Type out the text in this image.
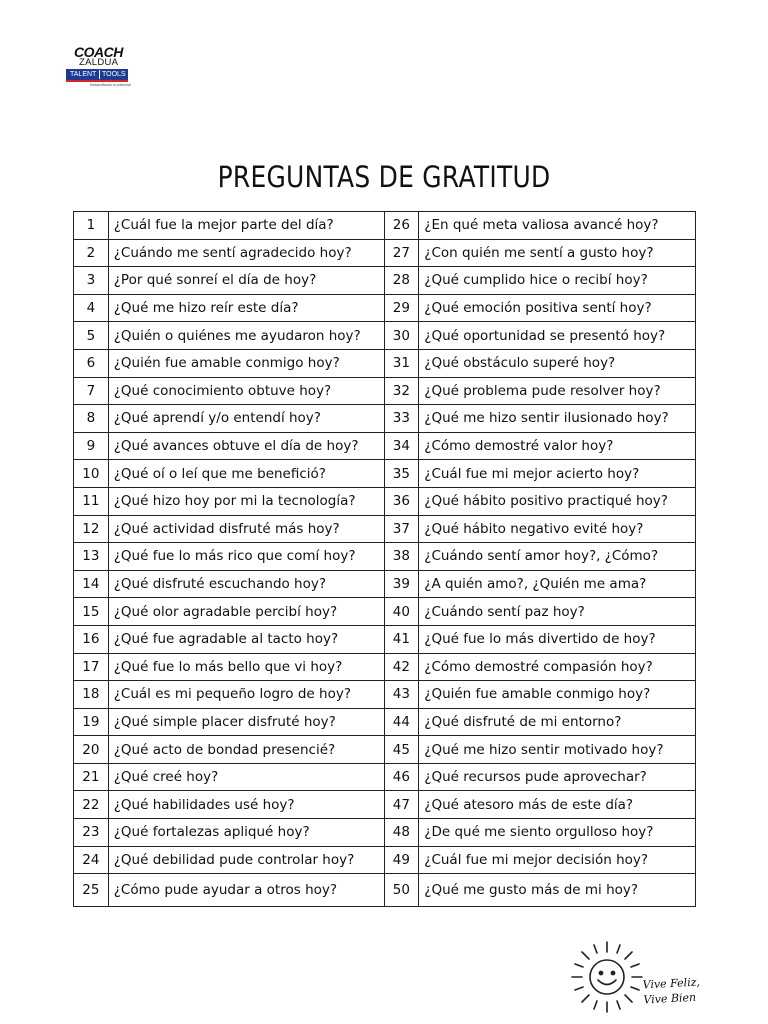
COACH
ZALDUA
TALENT TOOLS
Desarrollando tu potencial
PREGUNTAS DE GRATITUD
1	¿Cuál fue la mejor parte del día?	26	¿En qué meta valiosa avancé hoy?
2	¿Cuándo me sentí agradecido hoy?	27	¿Con quién me sentí a gusto hoy?
3	¿Por qué sonreí el día de hoy?	28	¿Qué cumplido hice o recibí hoy?
4	¿Qué me hizo reír este día?	29	¿Qué emoción positiva sentí hoy?
5	¿Quién o quiénes me ayudaron hoy?	30	¿Qué oportunidad se presentó hoy?
6	¿Quién fue amable conmigo hoy?	31	¿Qué obstáculo superé hoy?
7	¿Qué conocimiento obtuve hoy?	32	¿Qué problema pude resolver hoy?
8	¿Qué aprendí y/o entendí hoy?	33	¿Qué me hizo sentir ilusionado hoy?
9	¿Qué avances obtuve el día de hoy?	34	¿Cómo demostré valor hoy?
10	¿Qué oí o leí que me benefició?	35	¿Cuál fue mi mejor acierto hoy?
11	¿Qué hizo hoy por mi la tecnología?	36	¿Qué hábito positivo practiqué hoy?
12	¿Qué actividad disfruté más hoy?	37	¿Qué hábito negativo evité hoy?
13	¿Qué fue lo más rico que comí hoy?	38	¿Cuándo sentí amor hoy?, ¿Cómo?
14	¿Qué disfruté escuchando hoy?	39	¿A quién amo?, ¿Quién me ama?
15	¿Qué olor agradable percibí hoy?	40	¿Cuándo sentí paz hoy?
16	¿Qué fue agradable al tacto hoy?	41	¿Qué fue lo más divertido de hoy?
17	¿Qué fue lo más bello que vi hoy?	42	¿Cómo demostré compasión hoy?
18	¿Cuál es mi pequeño logro de hoy?	43	¿Quién fue amable conmigo hoy?
19	¿Qué simple placer disfruté hoy?	44	¿Qué disfruté de mi entorno?
20	¿Qué acto de bondad presencié?	45	¿Qué me hizo sentir motivado hoy?
21	¿Qué creé hoy?	46	¿Qué recursos pude aprovechar?
22	¿Qué habilidades usé hoy?	47	¿Qué atesoro más de este día?
23	¿Qué fortalezas apliqué hoy?	48	¿De qué me siento orgulloso hoy?
24	¿Qué debilidad pude controlar hoy?	49	¿Cuál fue mi mejor decisión hoy?
25	¿Cómo pude ayudar a otros hoy?	50	¿Qué me gusto más de mi hoy?
Vive Feliz,
Vive Bien
